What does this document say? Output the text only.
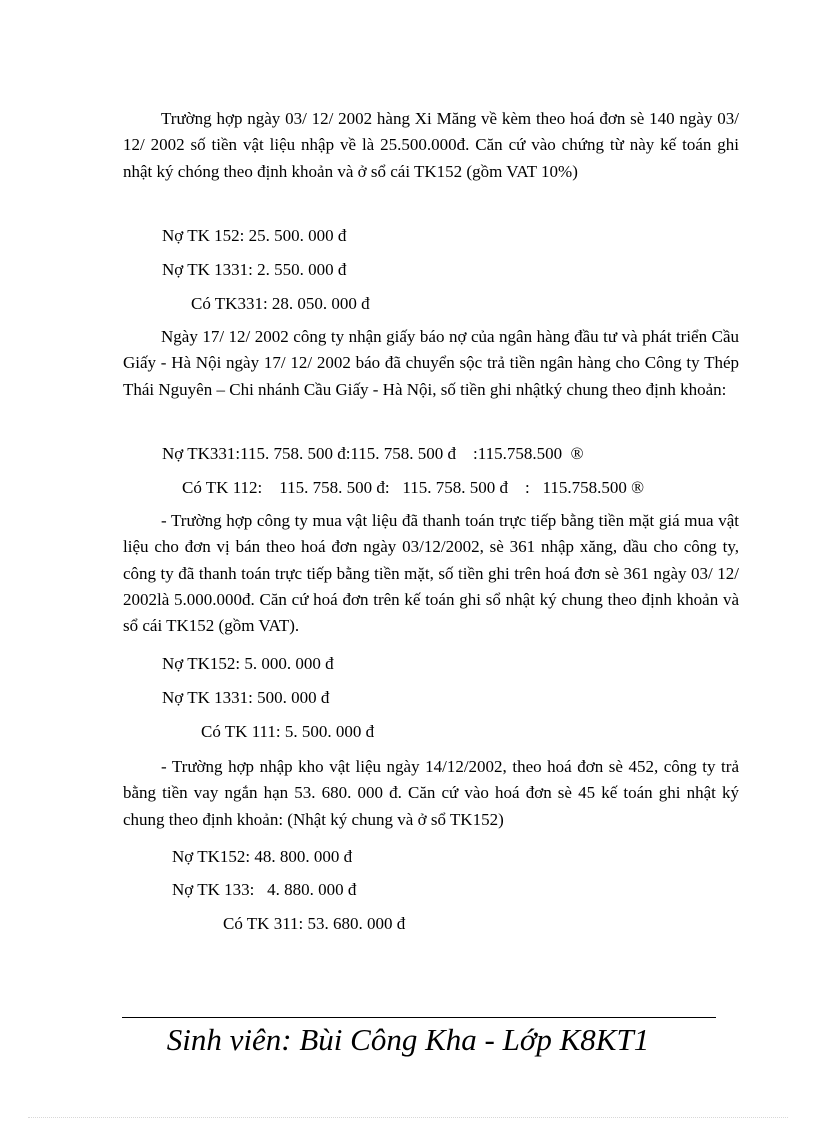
Trường hợp ngày 03/ 12/ 2002 hàng Xi Măng về kèm theo hoá đơn sè 140 ngày 03/ 12/ 2002 số tiền vật liệu nhập về là 25.500.000đ. Căn cứ vào chứng từ này kế toán ghi nhật ký chóng theo định khoản và ở sổ cái TK152 (gồm VAT 10%)

Nợ TK 152: 25. 500. 000 đ
Nợ TK 1331: 2. 550. 000 đ
Có TK331: 28. 050. 000 đ

Ngày 17/ 12/ 2002 công ty nhận giấy báo nợ của ngân hàng đầu tư và phát triển Cầu Giấy - Hà Nội ngày 17/ 12/ 2002 báo đã chuyển sộc trả tiền ngân hàng cho Công ty Thép Thái Nguyên – Chi nhánh Cầu Giấy - Hà Nội, số tiền ghi nhậtký chung theo định khoản:

Nợ TK331:115. 758. 500 đ:115. 758. 500 đ    :115.758.500  ®
Có TK 112:    115. 758. 500 đ:   115. 758. 500 đ    :   115.758.500 ®

- Trường hợp công ty mua vật liệu đã thanh toán trực tiếp bằng tiền mặt giá mua vật liệu cho đơn vị bán theo hoá đơn ngày 03/12/2002, sè 361 nhập xăng, dầu cho công ty, công ty đã thanh toán trực tiếp bằng tiền mặt, số tiền ghi trên hoá đơn sè 361 ngày 03/ 12/ 2002là 5.000.000đ. Căn cứ hoá đơn trên kế toán ghi sổ nhật ký chung theo định khoản và sổ cái TK152 (gồm VAT).

Nợ TK152: 5. 000. 000 đ
Nợ TK 1331: 500. 000 đ
Có TK 111: 5. 500. 000 đ

- Trường hợp nhập kho vật liệu ngày 14/12/2002, theo hoá đơn sè 452, công ty trả bằng tiền vay ngắn hạn 53. 680. 000 đ. Căn cứ vào hoá đơn sè 45 kế toán ghi nhật ký chung theo định khoản: (Nhật ký chung và ở sổ TK152)

Nợ TK152: 48. 800. 000 đ
Nợ TK 133:   4. 880. 000 đ
Có TK 311: 53. 680. 000 đ
Sinh viên: Bùi Công Kha - Lớp K8KT1
